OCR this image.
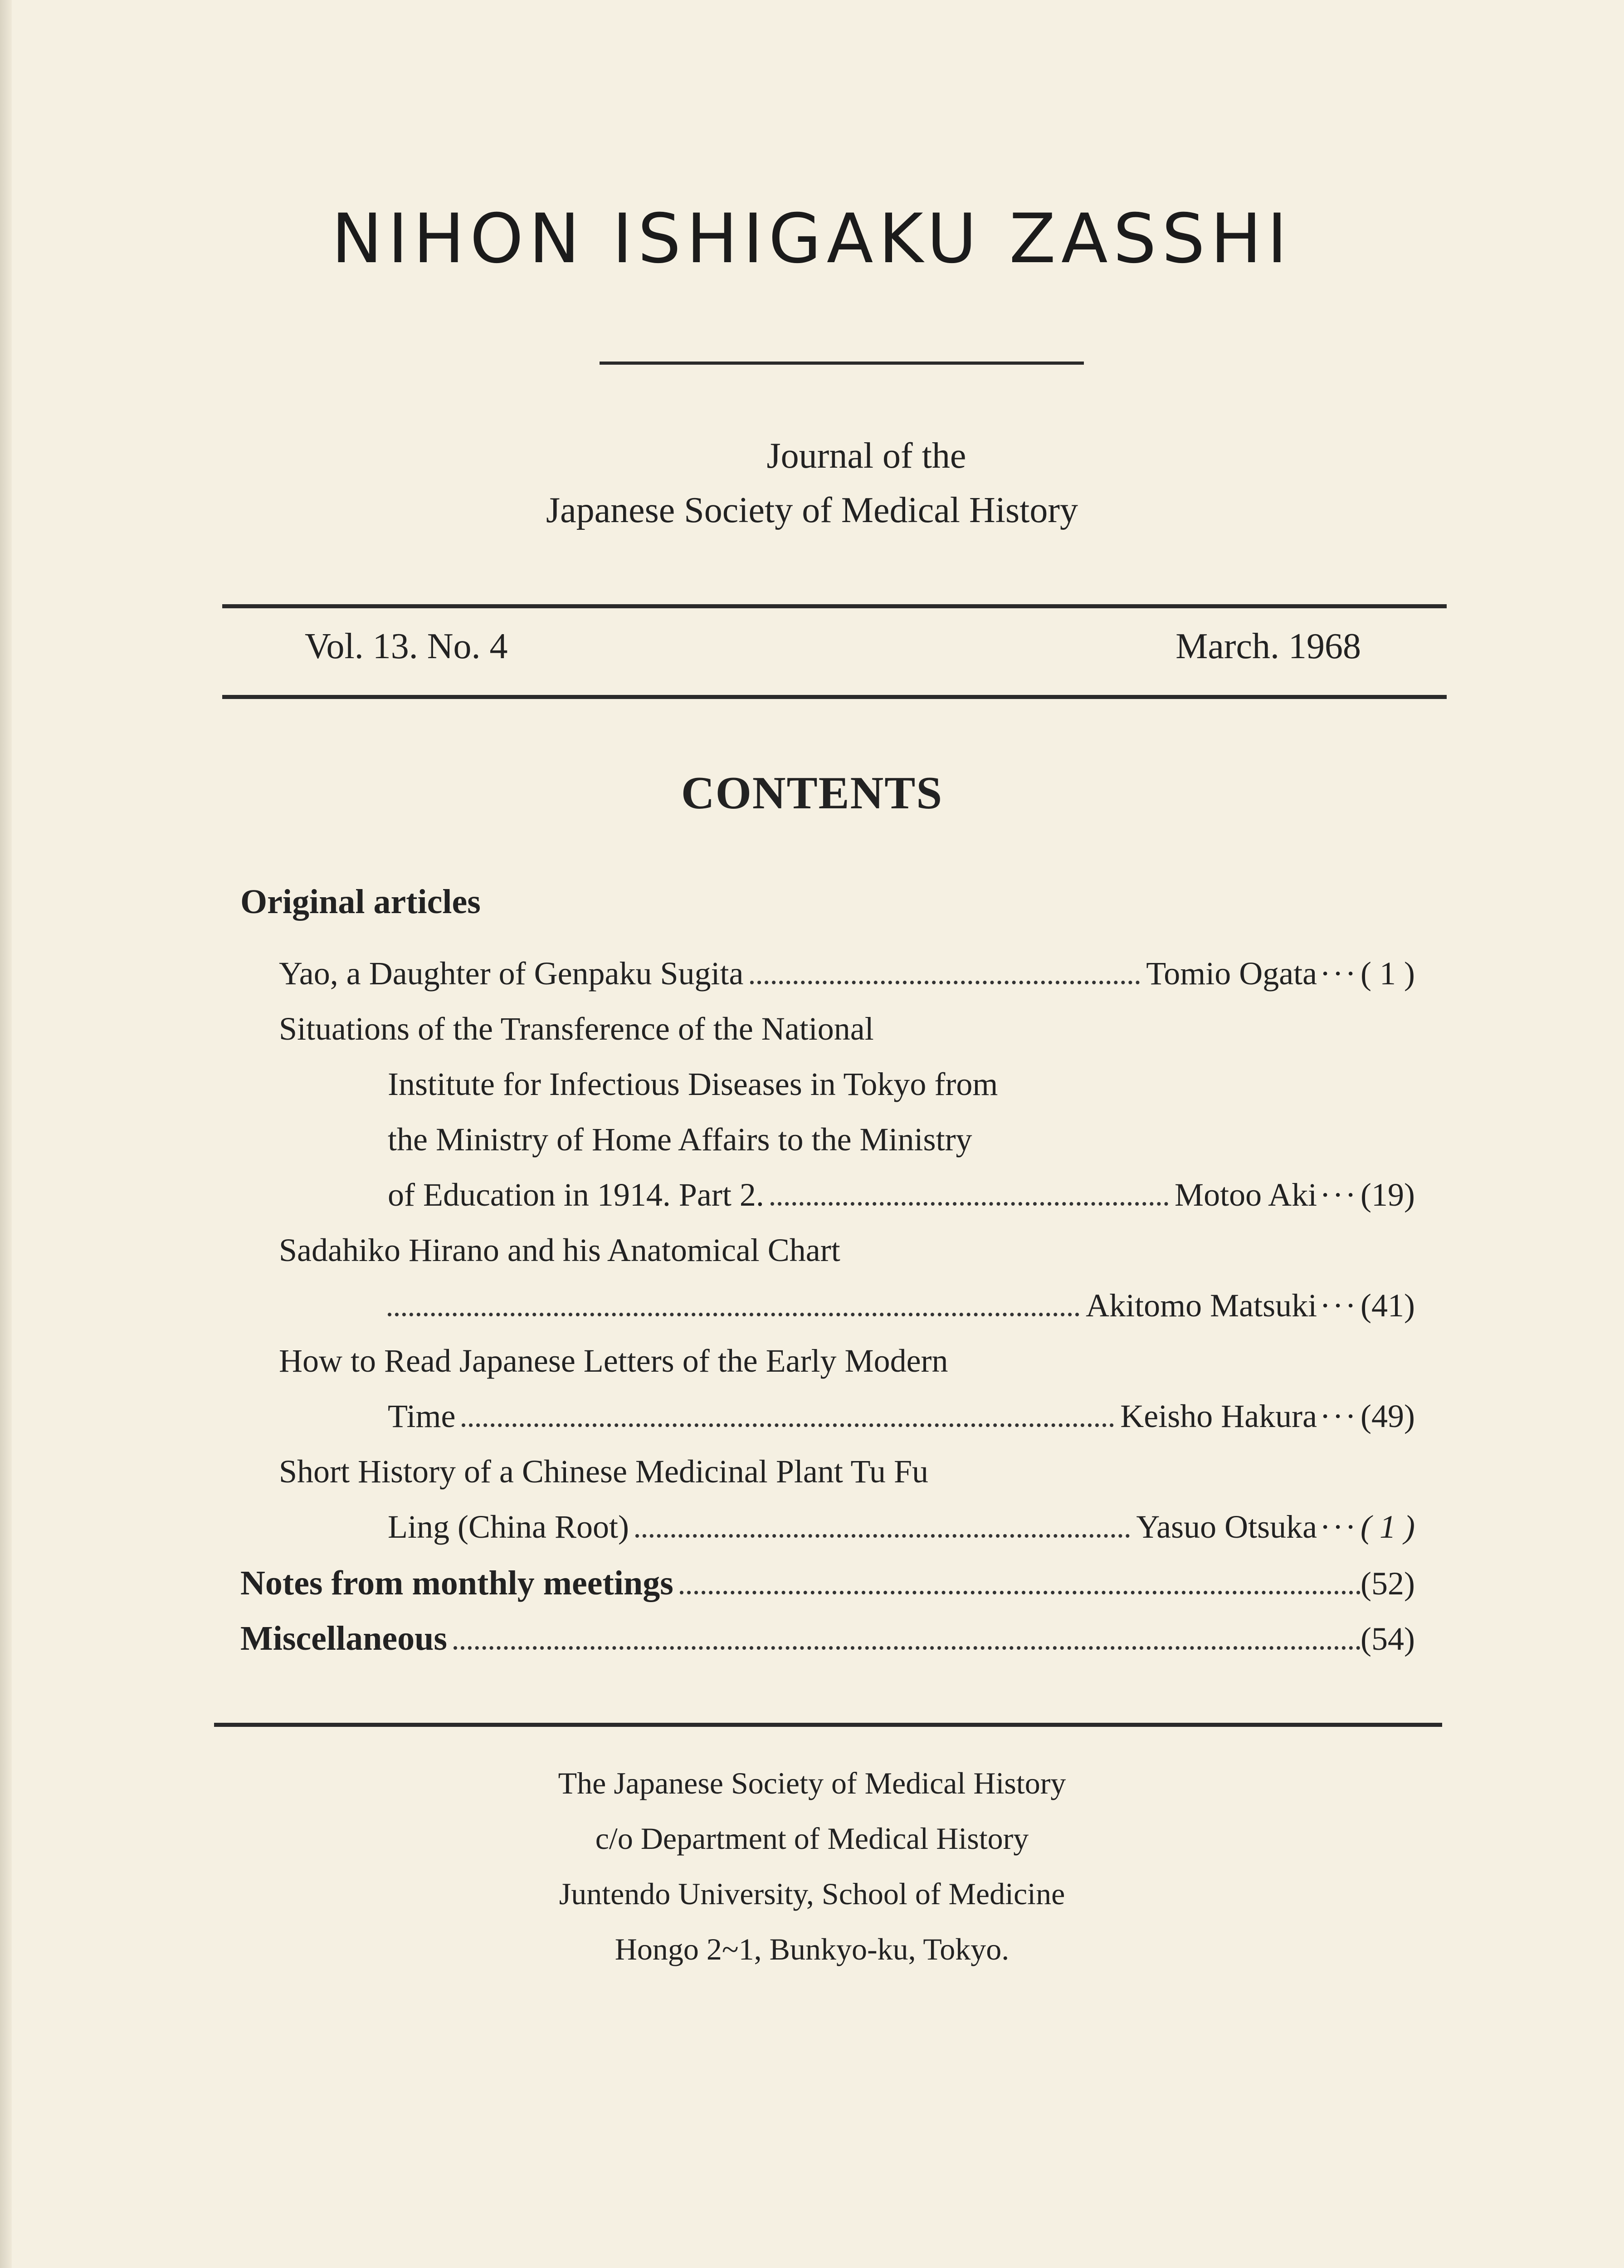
NIHON ISHIGAKU ZASSHI
Journal of the
Japanese Society of Medical History
Vol. 13. No. 4	March. 1968
CONTENTS
Original articles
Yao, a Daughter of Genpaku Sugita	Tomio Ogata ··· ( 1 )
Situations of the Transference of the National
Institute for Infectious Diseases in Tokyo from
the Ministry of Home Affairs to the Ministry
of Education in 1914. Part 2.	Motoo Aki ··· (19)
Sadahiko Hirano and his Anatomical Chart
Akitomo Matsuki ··· (41)
How to Read Japanese Letters of the Early Modern
Time	Keisho Hakura ··· (49)
Short History of a Chinese Medicinal Plant Tu Fu
Ling (China Root)	Yasuo Otsuka ··· ( 1 )
Notes from monthly meetings	(52)
Miscellaneous	(54)
The Japanese Society of Medical History
c/o Department of Medical History
Juntendo University, School of Medicine
Hongo 2~1, Bunkyo-ku, Tokyo.
